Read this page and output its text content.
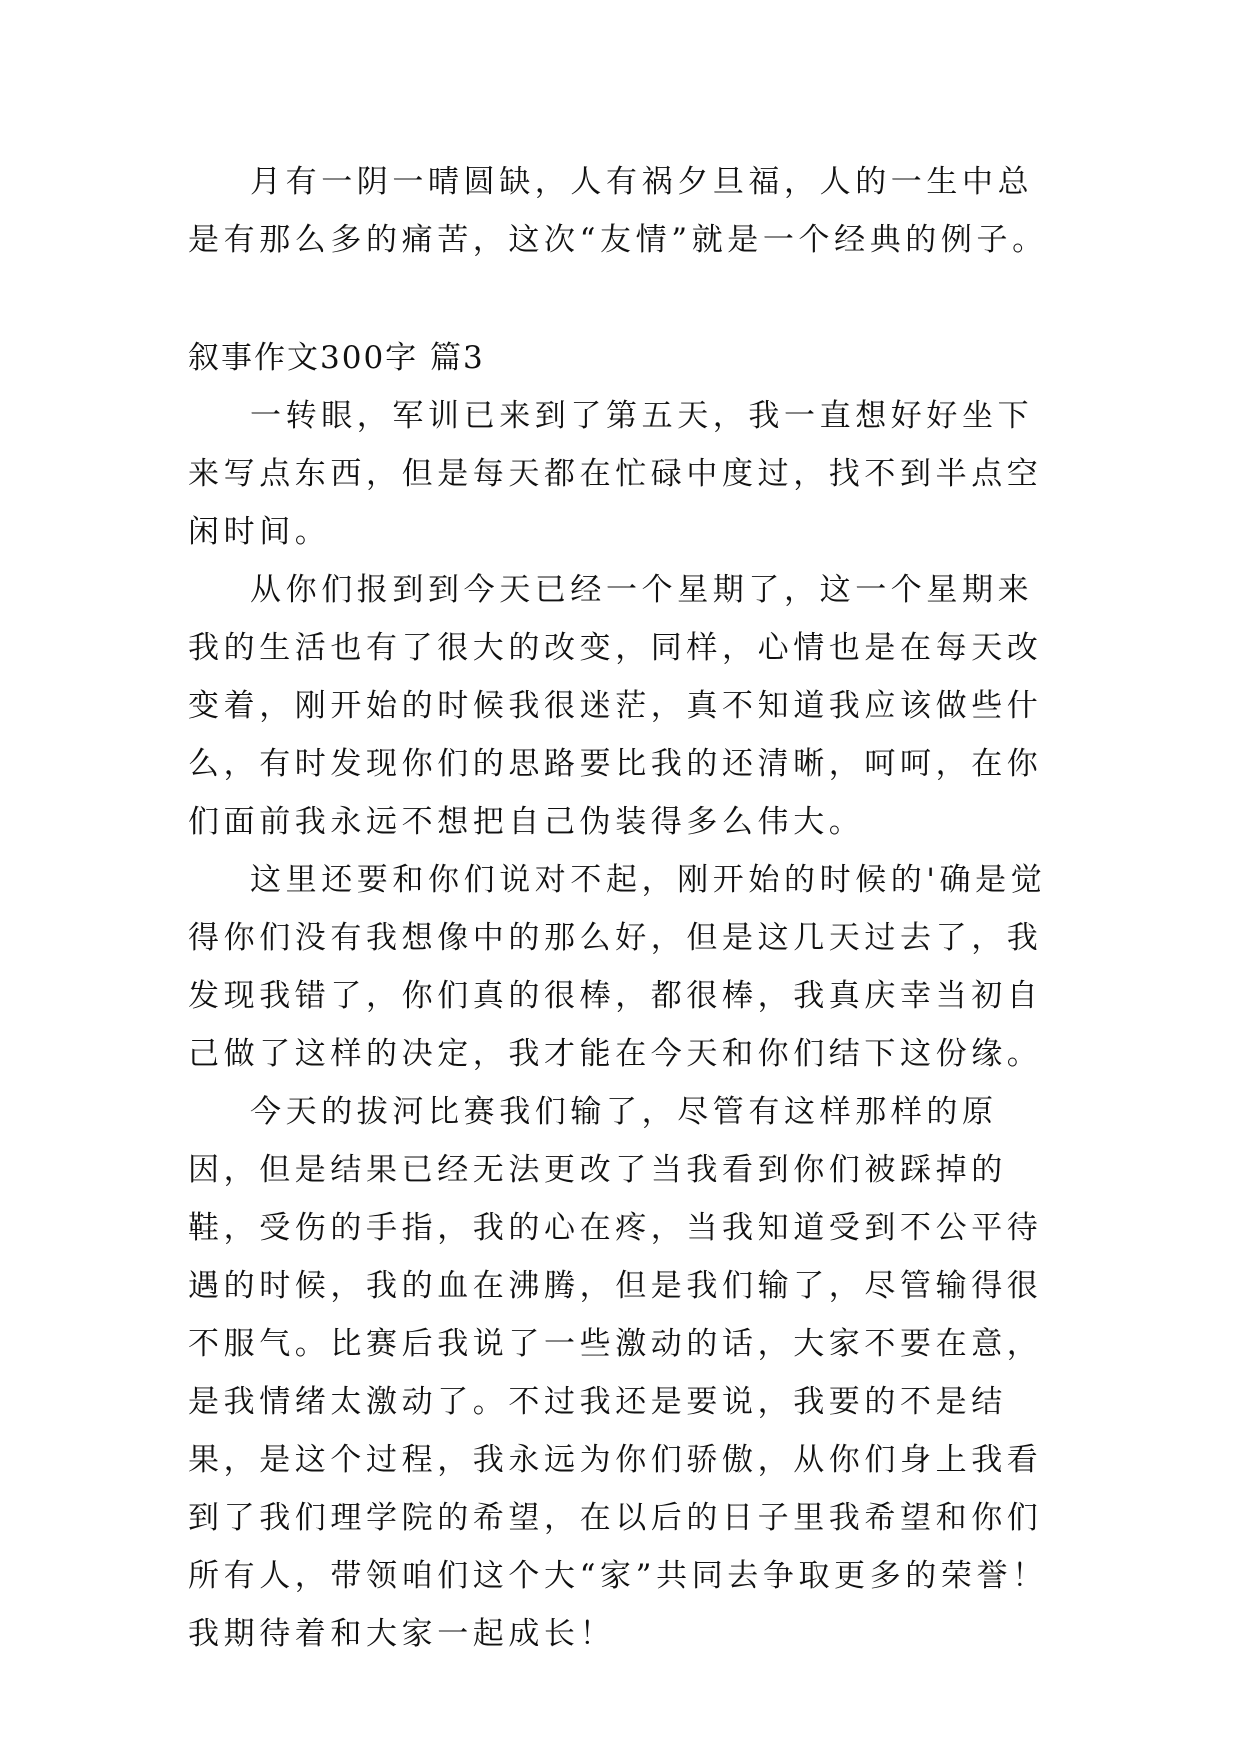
月有一阴一晴圆缺，人有祸夕旦福，人的一生中总是有那么多的痛苦，这次“友情”就是一个经典的例子。

叙事作文300字 篇3

一转眼，军训已来到了第五天，我一直想好好坐下来写点东西，但是每天都在忙碌中度过，找不到半点空闲时间。

从你们报到到今天已经一个星期了，这一个星期来我的生活也有了很大的改变，同样，心情也是在每天改变着，刚开始的时候我很迷茫，真不知道我应该做些什么，有时发现你们的思路要比我的还清晰，呵呵，在你们面前我永远不想把自己伪装得多么伟大。

这里还要和你们说对不起，刚开始的时候的'确是觉得你们没有我想像中的那么好，但是这几天过去了，我发现我错了，你们真的很棒，都很棒，我真庆幸当初自己做了这样的决定，我才能在今天和你们结下这份缘。

今天的拔河比赛我们输了，尽管有这样那样的原因，但是结果已经无法更改了当我看到你们被踩掉的鞋，受伤的手指，我的心在疼，当我知道受到不公平待遇的时候，我的血在沸腾，但是我们输了，尽管输得很不服气。比赛后我说了一些激动的话，大家不要在意，是我情绪太激动了。不过我还是要说，我要的不是结果，是这个过程，我永远为你们骄傲，从你们身上我看到了我们理学院的希望，在以后的日子里我希望和你们所有人，带领咱们这个大“家”共同去争取更多的荣誉！我期待着和大家一起成长！
